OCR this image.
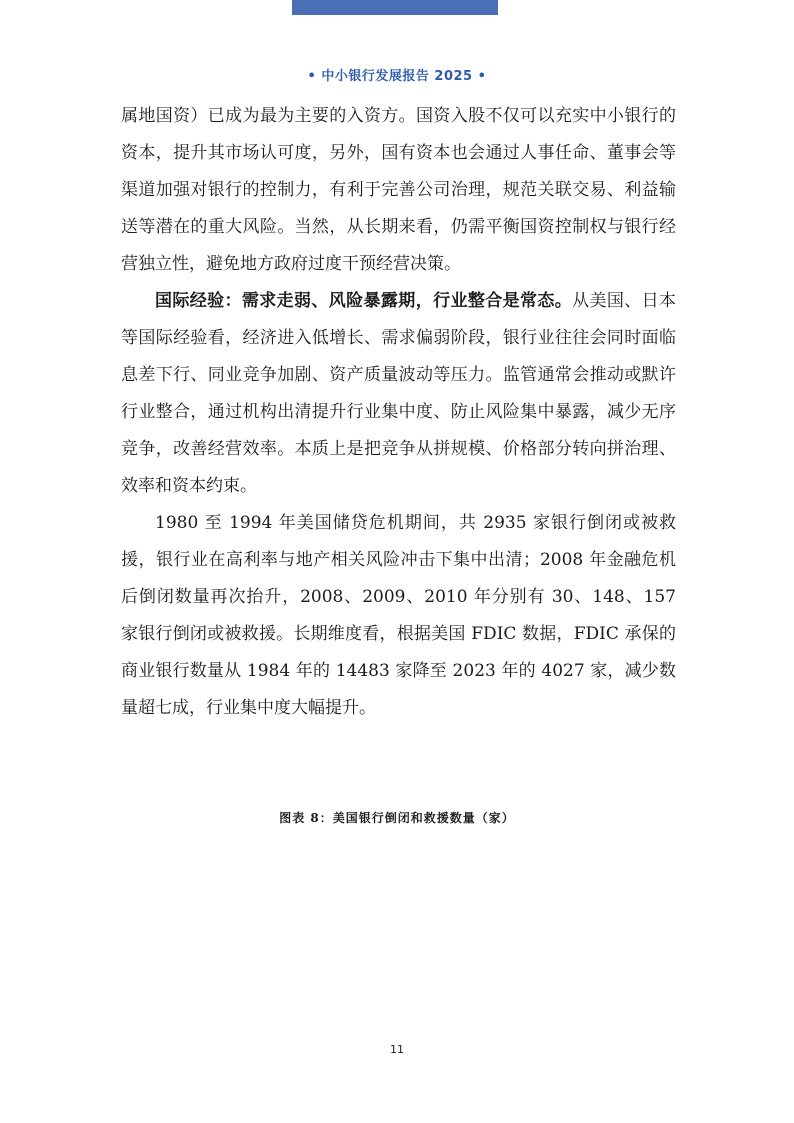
• 中小银行发展报告 2025 •

属地国资）已成为最为主要的入资方。国资入股不仅可以充实中小银行的资本，提升其市场认可度，另外，国有资本也会通过人事任命、董事会等渠道加强对银行的控制力，有利于完善公司治理，规范关联交易、利益输送等潜在的重大风险。当然，从长期来看，仍需平衡国资控制权与银行经营独立性，避免地方政府过度干预经营决策。

国际经验：需求走弱、风险暴露期，行业整合是常态。从美国、日本等国际经验看，经济进入低增长、需求偏弱阶段，银行业往往会同时面临息差下行、同业竞争加剧、资产质量波动等压力。监管通常会推动或默许行业整合，通过机构出清提升行业集中度、防止风险集中暴露，减少无序竞争，改善经营效率。本质上是把竞争从拼规模、价格部分转向拼治理、效率和资本约束。

1980 至 1994 年美国储贷危机期间，共 2935 家银行倒闭或被救援，银行业在高利率与地产相关风险冲击下集中出清；2008 年金融危机后倒闭数量再次抬升，2008、2009、2010 年分别有 30、148、157 家银行倒闭或被救援。长期维度看，根据美国 FDIC 数据，FDIC 承保的商业银行数量从 1984 年的 14483 家降至 2023 年的 4027 家，减少数量超七成，行业集中度大幅提升。

图表 8：美国银行倒闭和救援数量（家）
11
